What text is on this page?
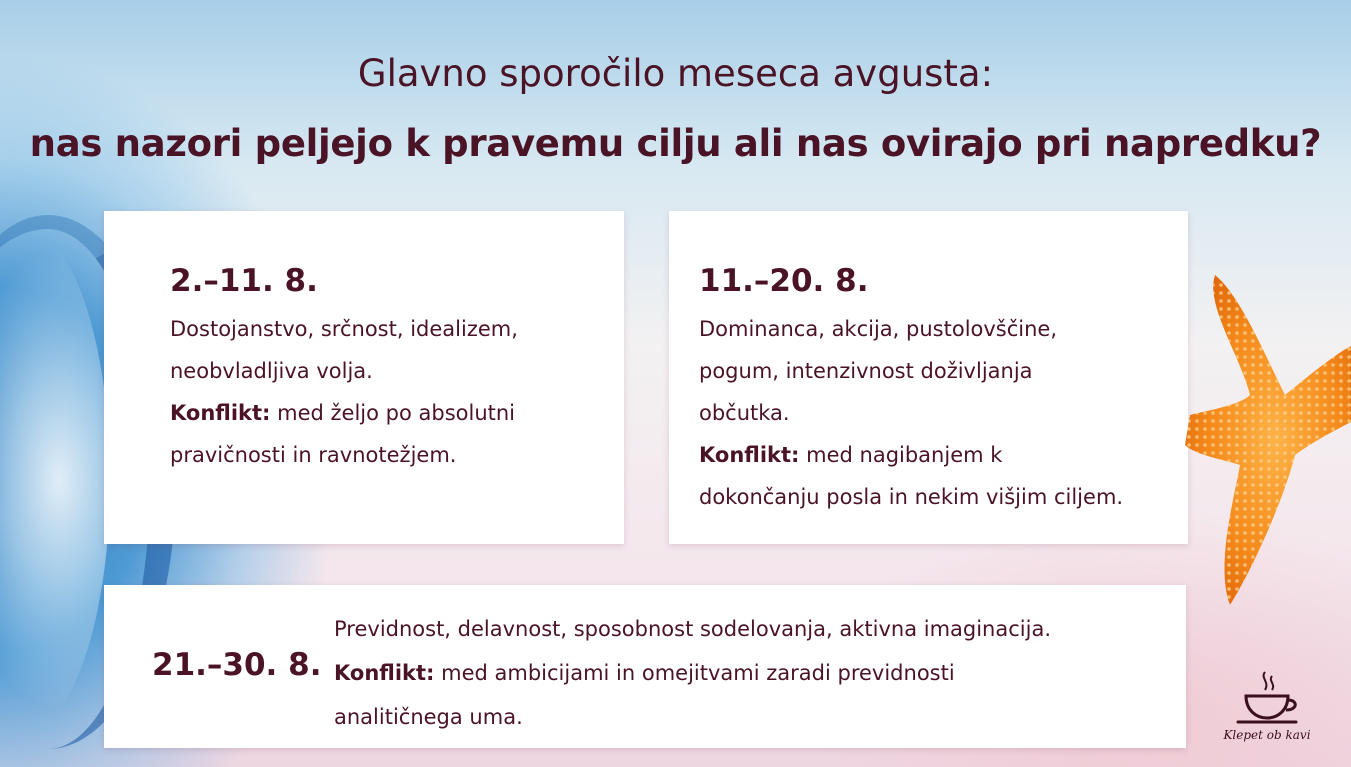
Glavno sporočilo meseca avgusta:
nas nazori peljejo k pravemu cilju ali nas ovirajo pri napredku?
2.–11. 8.
Dostojanstvo, srčnost, idealizem,
neobvladljiva volja.
Konflikt: med željo po absolutni
pravičnosti in ravnotežjem.
11.–20. 8.
Dominanca, akcija, pustolovščine,
pogum, intenzivnost doživljanja
občutka.
Konflikt: med nagibanjem k
dokončanju posla in nekim višjim ciljem.
21.–30. 8.
Previdnost, delavnost, sposobnost sodelovanja, aktivna imaginacija.
Konflikt: med ambicijami in omejitvami zaradi previdnosti
analitičnega uma.
Klepet ob kavi
